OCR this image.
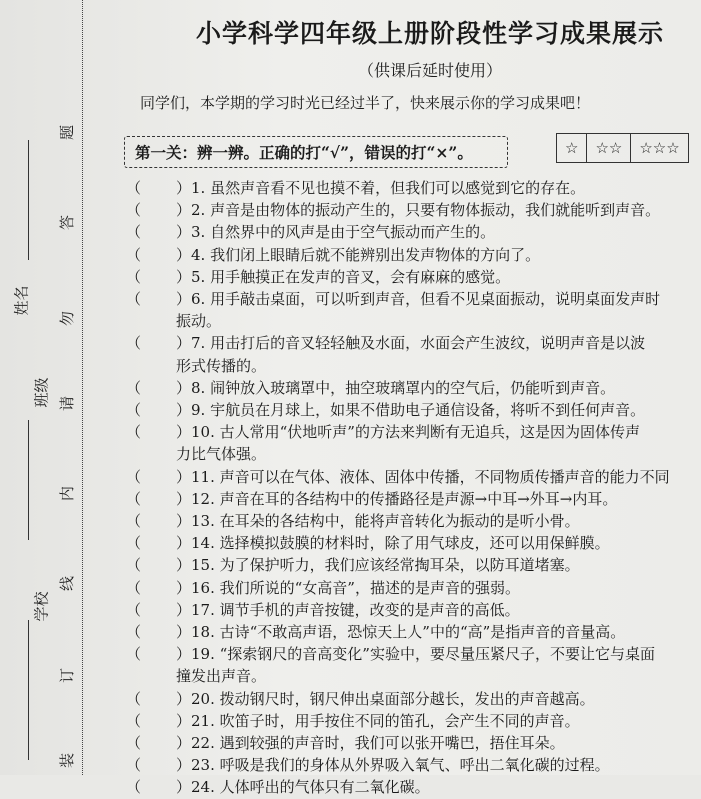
姓名
班级
学校
题
答
勿
请
内
线
订
装
小学科学四年级上册阶段性学习成果展示
（供课后延时使用）
同学们，本学期的学习时光已经过半了，快来展示你的学习成果吧！
第一关：辨一辨。正确的打“√”，错误的打“×”。	☆	☆☆	☆☆☆
（ ）1. 虽然声音看不见也摸不着，但我们可以感觉到它的存在。
（ ）2. 声音是由物体的振动产生的，只要有物体振动，我们就能听到声音。
（ ）3. 自然界中的风声是由于空气振动而产生的。
（ ）4. 我们闭上眼睛后就不能辨别出发声物体的方向了。
（ ）5. 用手触摸正在发声的音叉，会有麻麻的感觉。
（ ）6. 用手敲击桌面，可以听到声音，但看不见桌面振动，说明桌面发声时
振动。
（ ）7. 用击打后的音叉轻轻触及水面，水面会产生波纹，说明声音是以波
形式传播的。
（ ）8. 闹钟放入玻璃罩中，抽空玻璃罩内的空气后，仍能听到声音。
（ ）9. 宇航员在月球上，如果不借助电子通信设备，将听不到任何声音。
（ ）10. 古人常用“伏地听声”的方法来判断有无追兵，这是因为固体传声
力比气体强。
（ ）11. 声音可以在气体、液体、固体中传播，不同物质传播声音的能力不同
（ ）12. 声音在耳的各结构中的传播路径是声源→中耳→外耳→内耳。
（ ）13. 在耳朵的各结构中，能将声音转化为振动的是听小骨。
（ ）14. 选择模拟鼓膜的材料时，除了用气球皮，还可以用保鲜膜。
（ ）15. 为了保护听力，我们应该经常掏耳朵，以防耳道堵塞。
（ ）16. 我们所说的“女高音”，描述的是声音的强弱。
（ ）17. 调节手机的声音按键，改变的是声音的高低。
（ ）18. 古诗“不敢高声语，恐惊天上人”中的“高”是指声音的音量高。
（ ）19. “探索钢尺的音高变化”实验中，要尽量压紧尺子，不要让它与桌面
撞发出声音。
（ ）20. 拨动钢尺时，钢尺伸出桌面部分越长，发出的声音越高。
（ ）21. 吹笛子时，用手按住不同的笛孔，会产生不同的声音。
（ ）22. 遇到较强的声音时，我们可以张开嘴巴，捂住耳朵。
（ ）23. 呼吸是我们的身体从外界吸入氧气、呼出二氧化碳的过程。
（ ）24. 人体呼出的气体只有二氧化碳。
